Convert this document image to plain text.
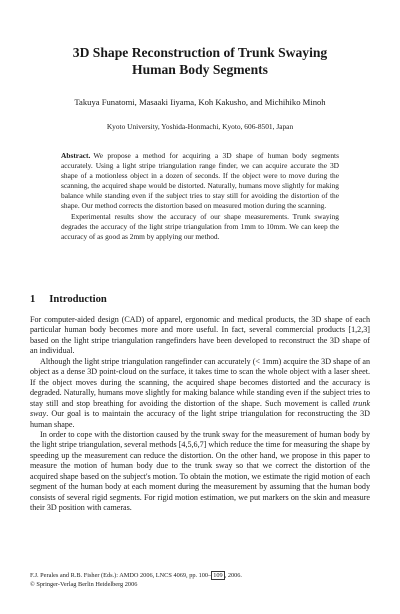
3D Shape Reconstruction of Trunk Swaying
Human Body Segments
Takuya Funatomi, Masaaki Iiyama, Koh Kakusho, and Michihiko Minoh
Kyoto University, Yoshida-Honmachi, Kyoto, 606-8501, Japan

Abstract. We propose a method for acquiring a 3D shape of human body segments accurately. Using a light stripe triangulation range finder, we can acquire accurate the 3D shape of a motionless object in a dozen of seconds. If the object were to move during the scanning, the acquired shape would be distorted. Naturally, humans move slightly for making balance while standing even if the subject tries to stay still for avoiding the distortion of the shape. Our method corrects the distortion based on measured motion during the scanning.

Experimental results show the accuracy of our shape measurements. Trunk swaying degrades the accuracy of the light stripe triangulation from 1mm to 10mm. We can keep the accuracy of as good as 2mm by applying our method.

1 Introduction

For computer-aided design (CAD) of apparel, ergonomic and medical products, the 3D shape of each particular human body becomes more and more useful. In fact, several commercial products [1,2,3] based on the light stripe triangulation rangefinders have been developed to reconstruct the 3D shape of an individual.

Although the light stripe triangulation rangefinder can accurately (< 1mm) acquire the 3D shape of an object as a dense 3D point-cloud on the surface, it takes time to scan the whole object with a laser sheet. If the object moves during the scanning, the acquired shape becomes distorted and the accuracy is degraded. Naturally, humans move slightly for making balance while standing even if the subject tries to stay still and stop breathing for avoiding the distortion of the shape. Such movement is called trunk sway. Our goal is to maintain the accuracy of the light stripe triangulation for reconstructing the 3D human shape.

In order to cope with the distortion caused by the trunk sway for the measurement of human body by the light stripe triangulation, several methods [4,5,6,7] which reduce the time for measuring the shape by speeding up the measurement can reduce the distortion. On the other hand, we propose in this paper to measure the motion of human body due to the trunk sway so that we correct the distortion of the acquired shape based on the subject's motion. To obtain the motion, we estimate the rigid motion of each segment of the human body at each moment during the measurement by assuming that the human body consists of several rigid segments. For rigid motion estimation, we put markers on the skin and measure their 3D position with cameras.

F.J. Perales and R.B. Fisher (Eds.): AMDO 2006, LNCS 4069, pp. 100– 109 , 2006.
© Springer-Verlag Berlin Heidelberg 2006
